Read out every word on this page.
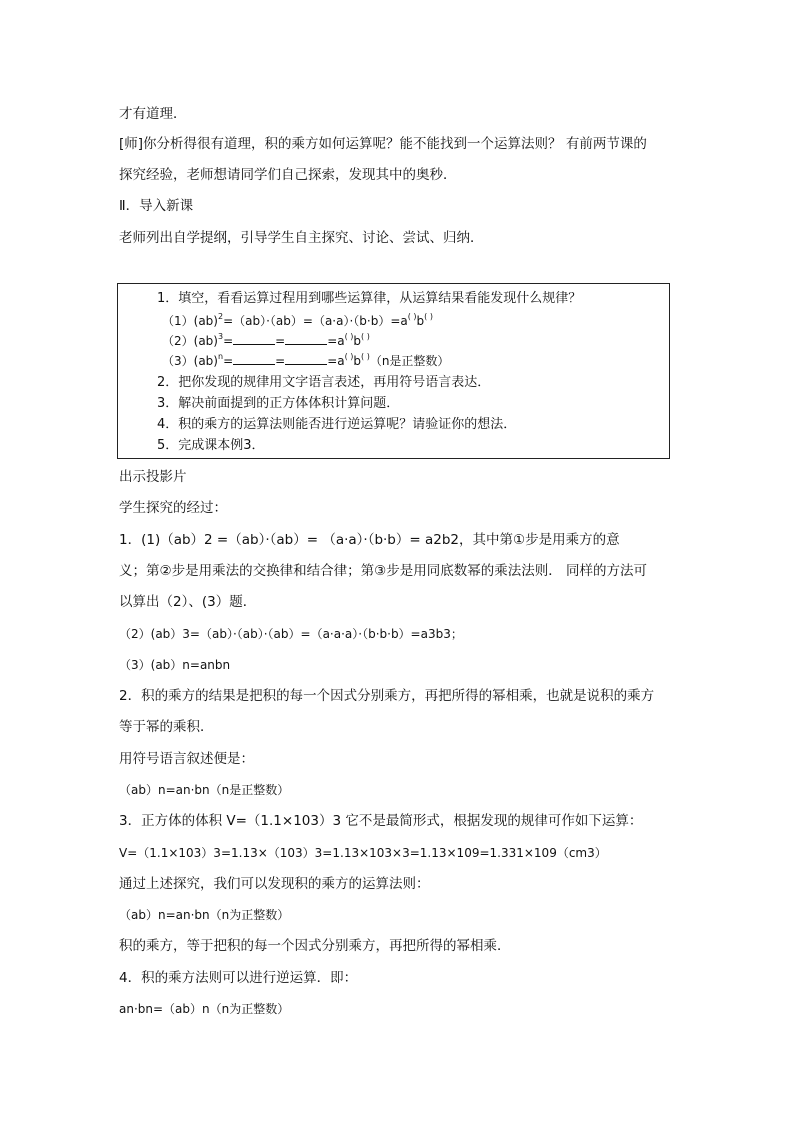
才有道理．
[师]你分析得很有道理，积的乘方如何运算呢？能不能找到一个运算法则？ 有前两节课的
探究经验，老师想请同学们自己探索，发现其中的奥秒．
Ⅱ．导入新课
老师列出自学提纲，引导学生自主探究、讨论、尝试、归纳．
1．填空，看看运算过程用到哪些运算律，从运算结果看能发现什么规律？
（1）(ab)$^2$=（ab）·（ab）=（a·a）·（b·b）=a( )b( )
（2）(ab)$^3$=	=	=a( )b( )
（3）(ab)$^n$=	=	=a( )b( )（n是正整数）
2．把你发现的规律用文字语言表述，再用符号语言表达．
3．解决前面提到的正方体体积计算问题．
4．积的乘方的运算法则能否进行逆运算呢？请验证你的想法．
5．完成课本例3．
出示投影片
学生探究的经过：
1．(1)（ab）2 =（ab）·（ab）= （a·a）·（b·b）= a2b2，其中第①步是用乘方的意
义；第②步是用乘法的交换律和结合律；第③步是用同底数幂的乘法法则． 同样的方法可
以算出（2）、(3）题．
（2）(ab）3=（ab）·（ab）·（ab）=（a·a·a）·（b·b·b）=a3b3；
（3）(ab）n=anbn
2．积的乘方的结果是把积的每一个因式分别乘方，再把所得的幂相乘，也就是说积的乘方
等于幂的乘积．
用符号语言叙述便是：
（ab）n=an·bn（n是正整数）
3．正方体的体积 V=（1.1×103）3 它不是最简形式，根据发现的规律可作如下运算：
V=（1.1×103）3=1.13×（103）3=1.13×103×3=1.13×109=1.331×109（cm3）
通过上述探究，我们可以发现积的乘方的运算法则：
（ab）n=an·bn（n为正整数）
积的乘方，等于把积的每一个因式分别乘方，再把所得的幂相乘．
4．积的乘方法则可以进行逆运算．即：
an·bn=（ab）n（n为正整数）
